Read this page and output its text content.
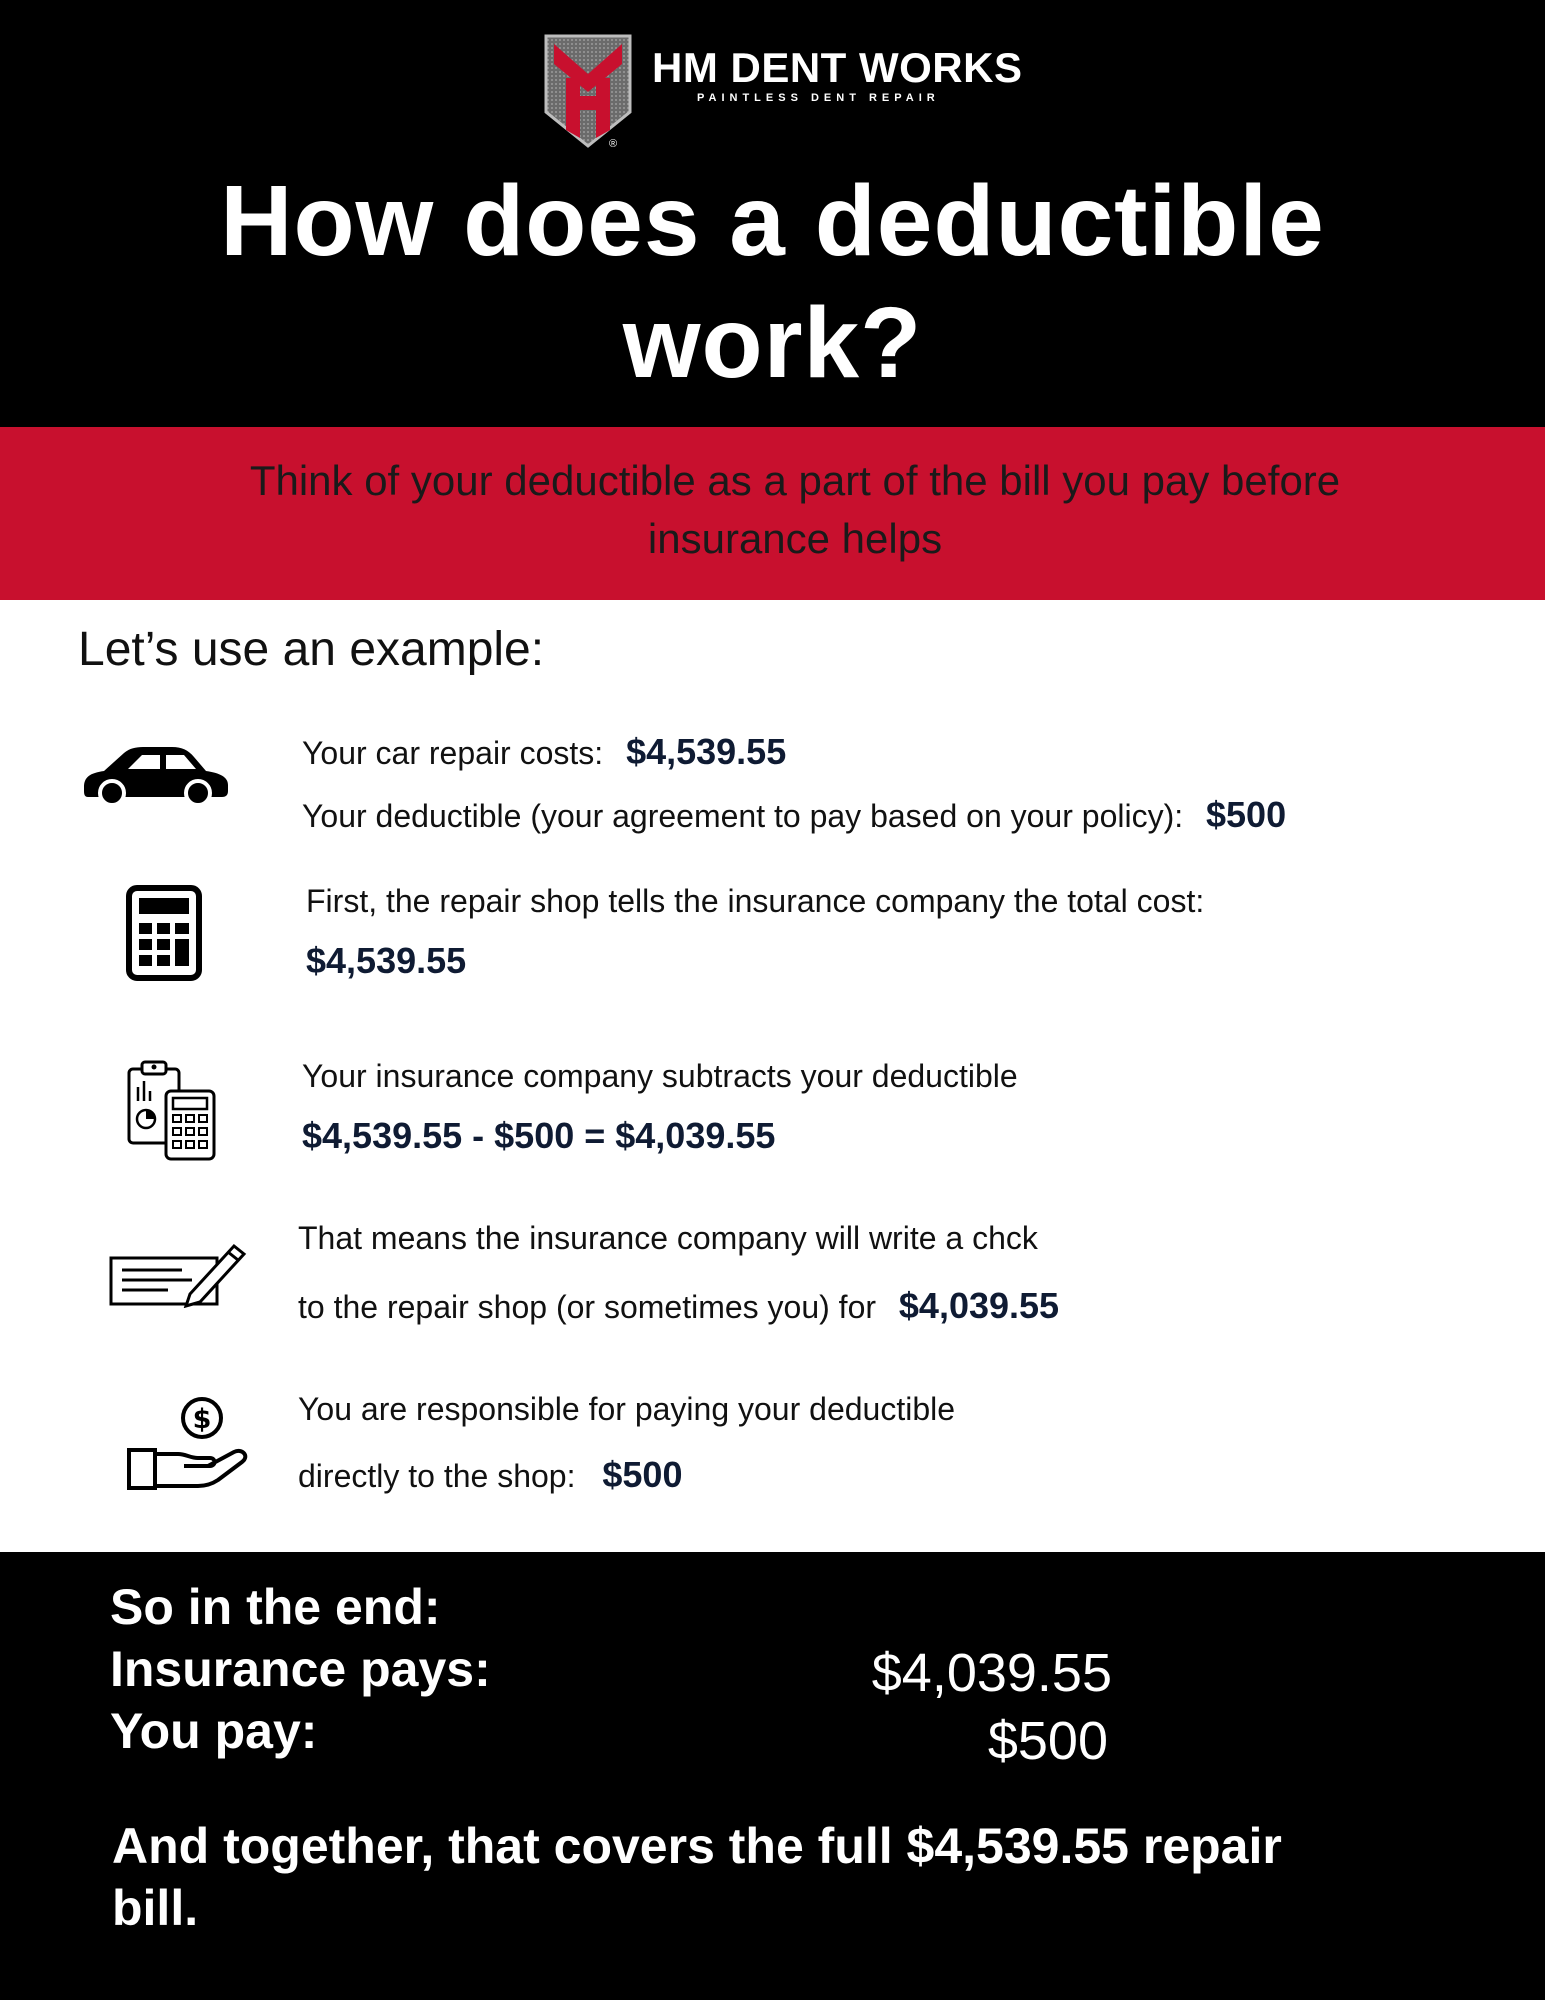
HM DENT WORKS
PAINTLESS DENT REPAIR
®
How does a deductible
work?
Think of your deductible as a part of the bill you pay before
insurance helps
Let’s use an example:
Your car repair costs: $4,539.55
Your deductible (your agreement to pay based on your policy): $500
First, the repair shop tells the insurance company the total cost:
$4,539.55
Your insurance company subtracts your deductible
$4,539.55 - $500 = $4,039.55
That means the insurance company will write a chck
to the repair shop (or sometimes you) for $4,039.55
$	You are responsible for paying your deductible
directly to the shop: $500
So in the end:
Insurance pays:
You pay:
$4,039.55
$500
And together, that covers the full $4,539.55 repair
bill.
